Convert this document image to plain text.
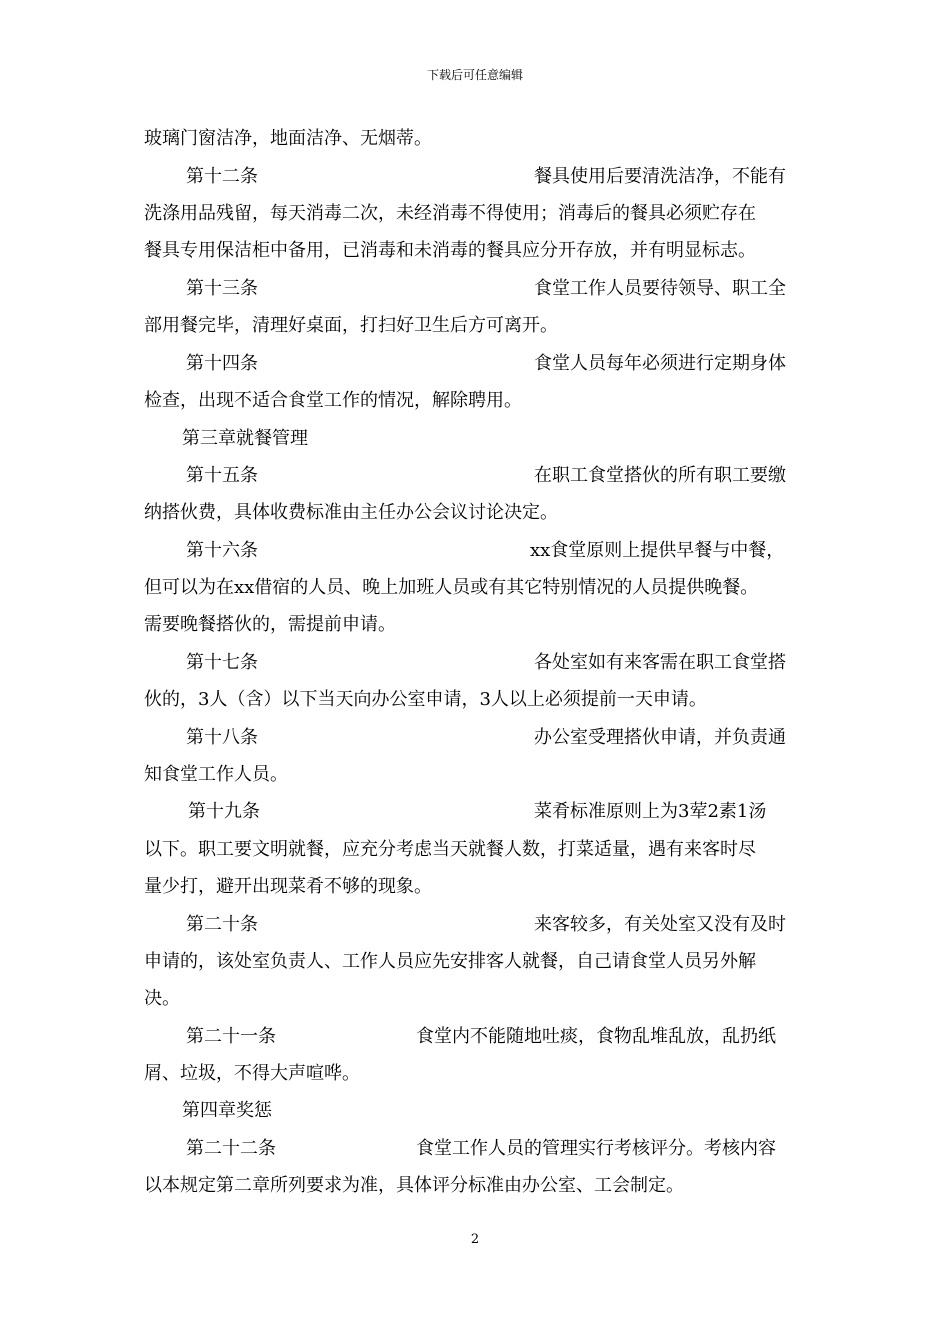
下载后可任意编辑
玻璃门窗洁净，地面洁净、无烟蒂。
第十二条	餐具使用后要清洗洁净，不能有
洗涤用品残留，每天消毒二次，未经消毒不得使用；消毒后的餐具必须贮存在
餐具专用保洁柜中备用，已消毒和未消毒的餐具应分开存放，并有明显标志。
第十三条	食堂工作人员要待领导、职工全
部用餐完毕，清理好桌面，打扫好卫生后方可离开。
第十四条	食堂人员每年必须进行定期身体
检查，出现不适合食堂工作的情况，解除聘用。
第三章就餐管理
第十五条	在职工食堂搭伙的所有职工要缴
纳搭伙费，具体收费标准由主任办公会议讨论决定。
第十六条	xx食堂原则上提供早餐与中餐，
但可以为在xx借宿的人员、晚上加班人员或有其它特别情况的人员提供晚餐。
需要晚餐搭伙的，需提前申请。
第十七条	各处室如有来客需在职工食堂搭
伙的，3人（含）以下当天向办公室申请，3人以上必须提前一天申请。
第十八条	办公室受理搭伙申请，并负责通
知食堂工作人员。
第十九条	菜肴标准原则上为3荤2素1汤
以下。职工要文明就餐，应充分考虑当天就餐人数，打菜适量，遇有来客时尽
量少打，避开出现菜肴不够的现象。
第二十条	来客较多，有关处室又没有及时
申请的，该处室负责人、工作人员应先安排客人就餐，自己请食堂人员另外解
决。
第二十一条	食堂内不能随地吐痰，食物乱堆乱放，乱扔纸
屑、垃圾，不得大声喧哗。
第四章奖惩
第二十二条	食堂工作人员的管理实行考核评分。考核内容
以本规定第二章所列要求为准，具体评分标准由办公室、工会制定。
2
